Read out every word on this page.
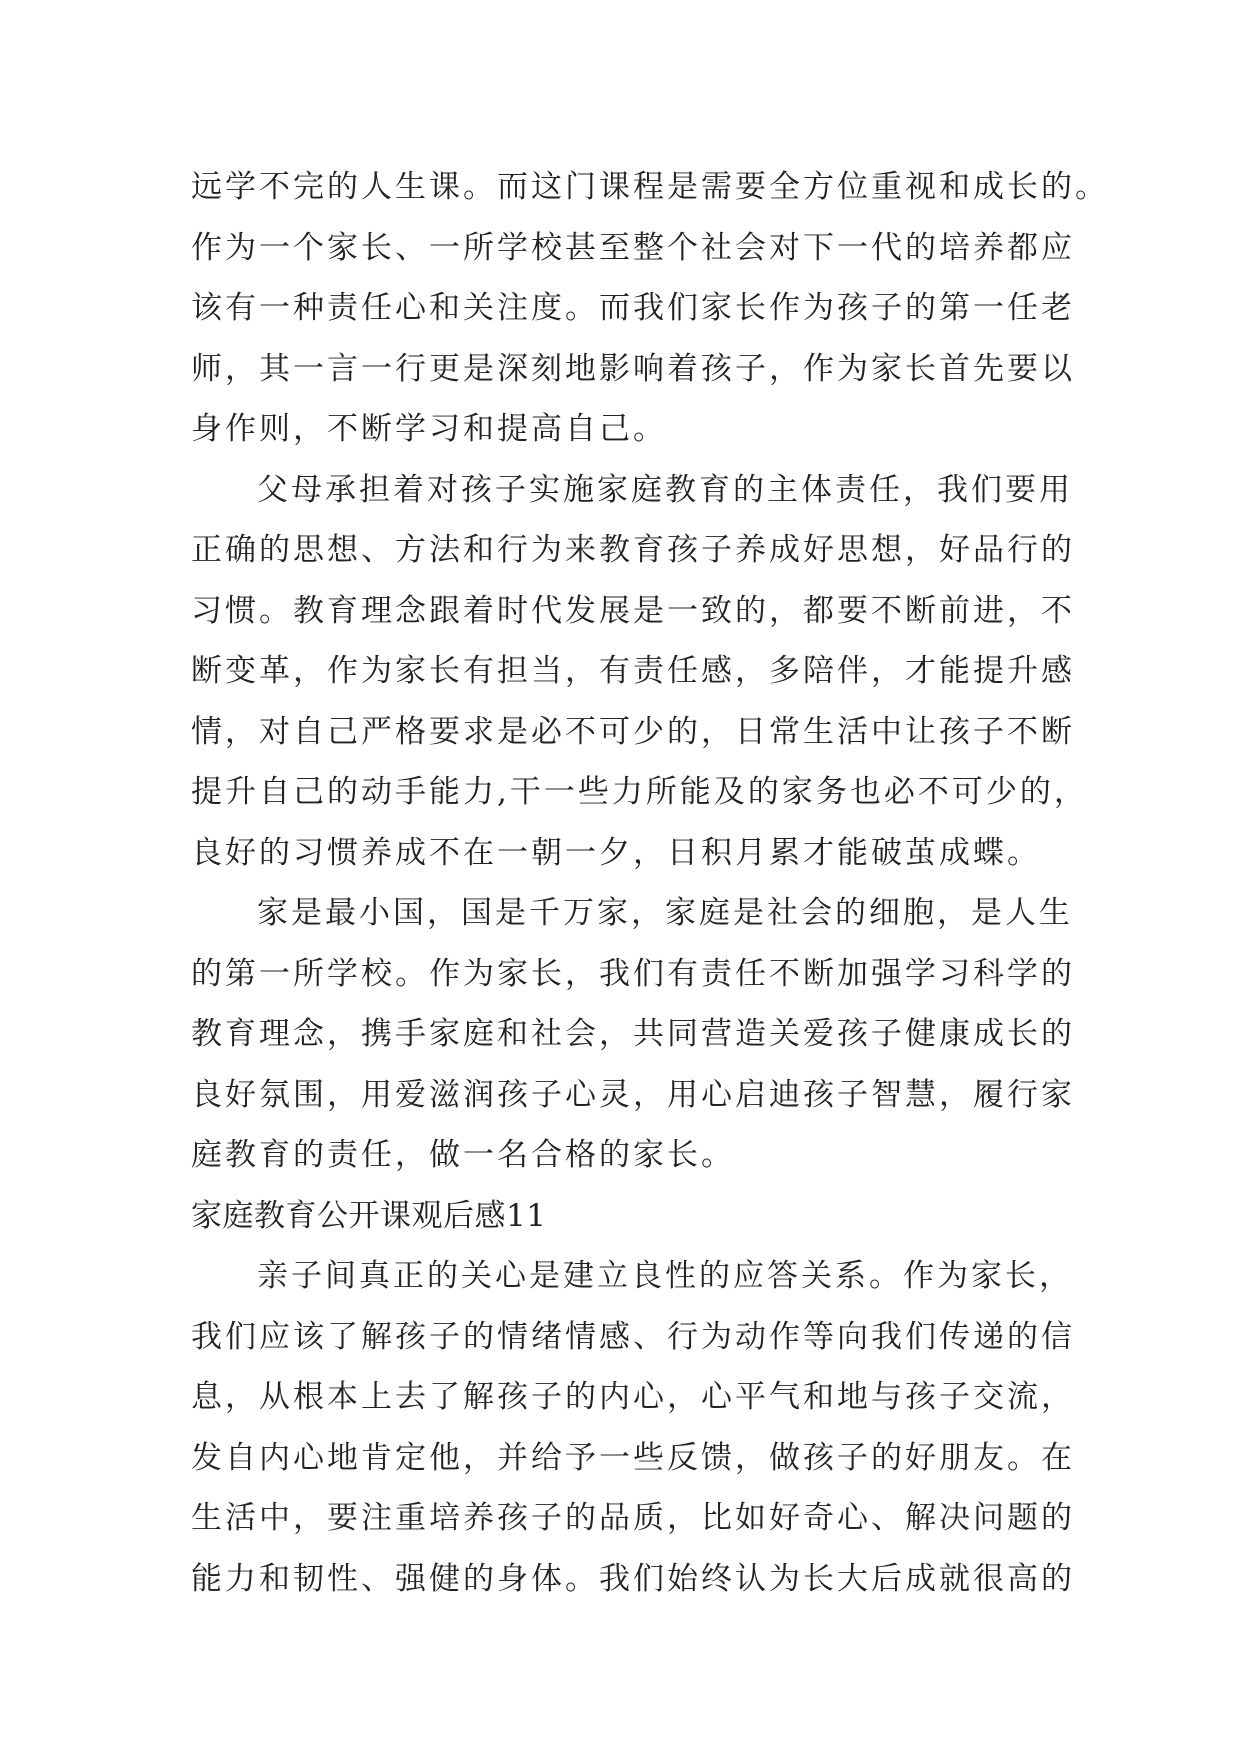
远学不完的人生课。而这门课程是需要全方位重视和成长的。
作为一个家长、一所学校甚至整个社会对下一代的培养都应
该有一种责任心和关注度。而我们家长作为孩子的第一任老
师，其一言一行更是深刻地影响着孩子，作为家长首先要以
身作则，不断学习和提高自己。
父母承担着对孩子实施家庭教育的主体责任，我们要用
正确的思想、方法和行为来教育孩子养成好思想，好品行的
习惯。教育理念跟着时代发展是一致的，都要不断前进，不
断变革，作为家长有担当，有责任感，多陪伴，才能提升感
情，对自己严格要求是必不可少的，日常生活中让孩子不断
提升自己的动手能力,干一些力所能及的家务也必不可少的，
良好的习惯养成不在一朝一夕，日积月累才能破茧成蝶。
家是最小国，国是千万家，家庭是社会的细胞，是人生
的第一所学校。作为家长，我们有责任不断加强学习科学的
教育理念，携手家庭和社会，共同营造关爱孩子健康成长的
良好氛围，用爱滋润孩子心灵，用心启迪孩子智慧，履行家
庭教育的责任，做一名合格的家长。
家庭教育公开课观后感11
亲子间真正的关心是建立良性的应答关系。作为家长，
我们应该了解孩子的情绪情感、行为动作等向我们传递的信
息，从根本上去了解孩子的内心，心平气和地与孩子交流，
发自内心地肯定他，并给予一些反馈，做孩子的好朋友。在
生活中，要注重培养孩子的品质，比如好奇心、解决问题的
能力和韧性、强健的身体。我们始终认为长大后成就很高的
